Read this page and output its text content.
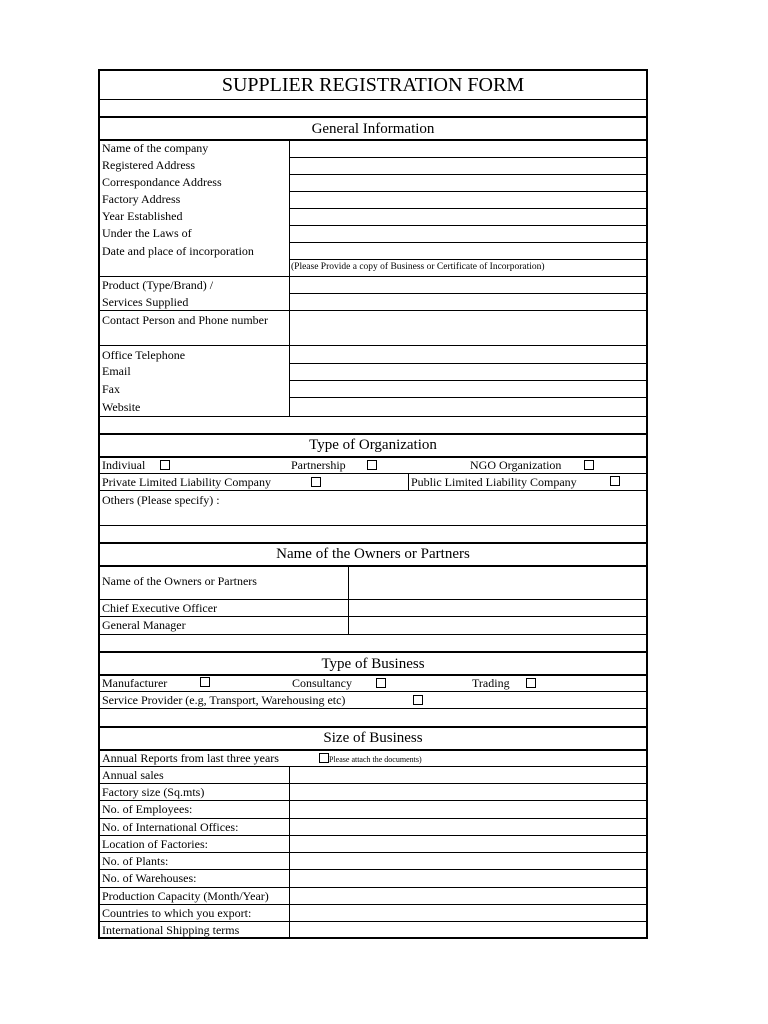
SUPPLIER REGISTRATION FORM
General Information
Name of the company
Registered Address
Correspondance Address
Factory Address
Year Established
Under the Laws of
Date and place of incorporation
(Please Provide a copy of Business or Certificate of Incorporation)
Product (Type/Brand) /
Services Supplied
Contact Person and Phone number
Office Telephone
Email
Fax
Website
Type of Organization
Indiviual	Partnership	NGO Organization
Private Limited Liability Company	Public Limited Liability Company
Others (Please specify) :
Name of the Owners or Partners
Name of the Owners or Partners
Chief Executive Officer
General Manager
Type of Business
Manufacturer	Consultancy	Trading
Service Provider (e.g, Transport, Warehousing etc)
Size of Business
Annual Reports from last three years	Please attach the documents)
Annual sales
Factory size (Sq.mts)
No. of Employees:
No. of International Offices:
Location of Factories:
No. of Plants:
No. of Warehouses:
Production Capacity (Month/Year)
Countries to which you export:
International Shipping terms
